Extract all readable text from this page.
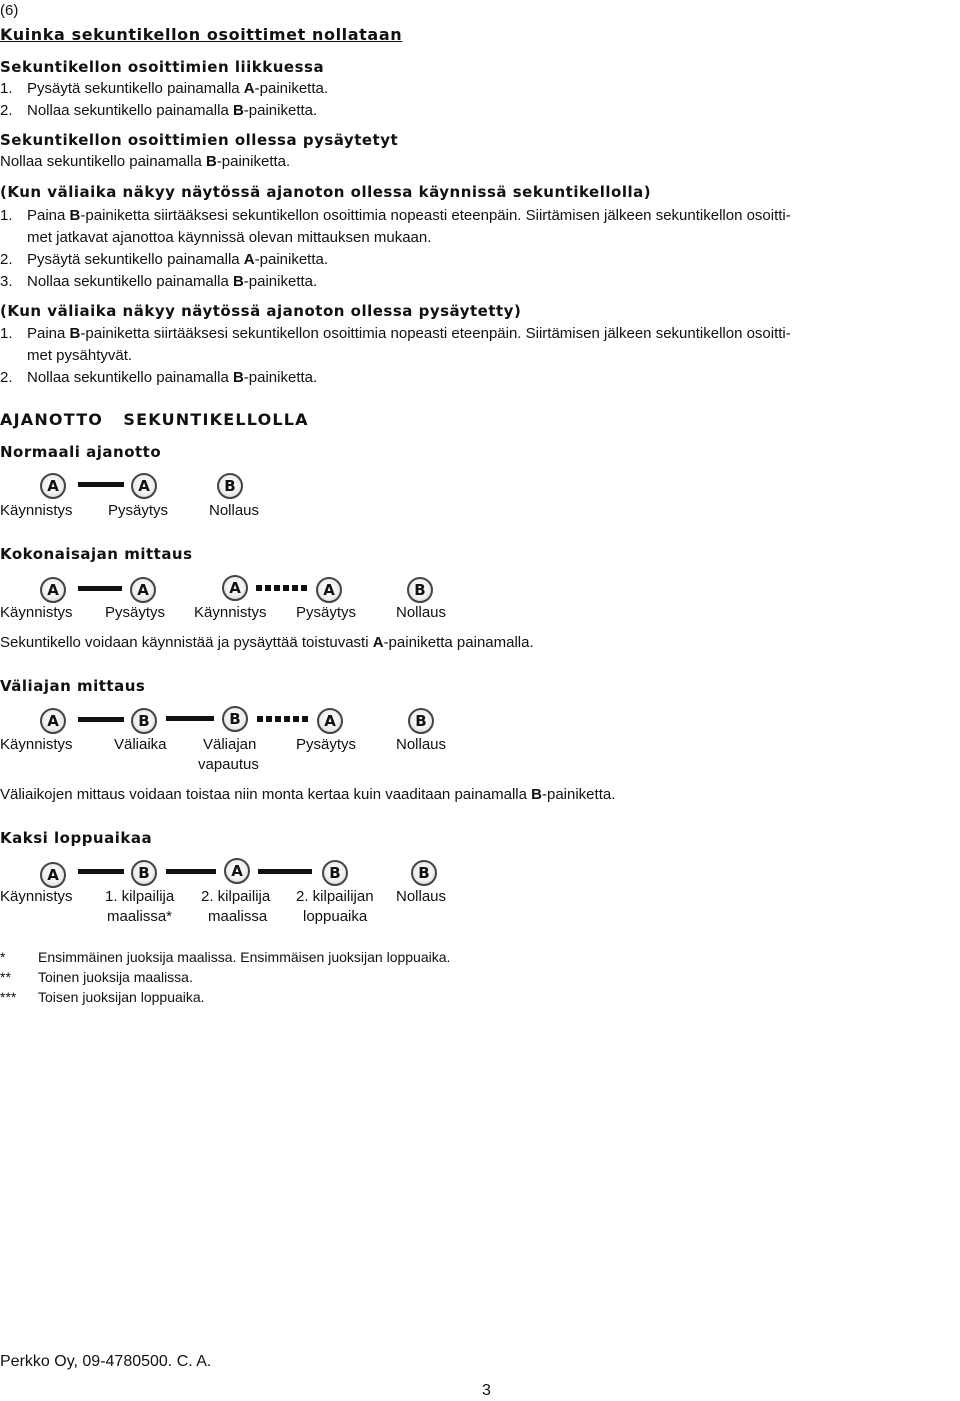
(6)
Kuinka sekuntikellon osoittimet nollataan
Sekuntikellon osoittimien liikkuessa
1. Pysäytä sekuntikello painamalla A-painiketta.
2. Nollaa sekuntikello painamalla B-painiketta.
Sekuntikellon osoittimien ollessa pysäytetyt
Nollaa sekuntikello painamalla B-painiketta.
(Kun väliaika näkyy näytössä ajanoton ollessa käynnissä sekuntikellolla)
1. Paina B-painiketta siirtääksesi sekuntikellon osoittimia nopeasti eteenpäin. Siirtämisen jälkeen sekuntikellon osoitti-
met jatkavat ajanottoa käynnissä olevan mittauksen mukaan.
2. Pysäytä sekuntikello painamalla A-painiketta.
3. Nollaa sekuntikello painamalla B-painiketta.
(Kun väliaika näkyy näytössä ajanoton ollessa pysäytetty)
1. Paina B-painiketta siirtääksesi sekuntikellon osoittimia nopeasti eteenpäin. Siirtämisen jälkeen sekuntikellon osoitti-
met pysähtyvät.
2. Nollaa sekuntikello painamalla B-painiketta.
AJANOTTO   SEKUNTIKELLOLLA
Normaali ajanotto
A	A	B
Käynnistys Pysäytys	Nollaus
Kokonaisajan mittaus
A	A	A	A	B
Käynnistys Pysäytys Käynnistys Pysäytys	Nollaus
Sekuntikello voidaan käynnistää ja pysäyttää toistuvasti A-painiketta painamalla.
Väliajan mittaus
A	B	B	A	B
Käynnistys	Väliaika Väliajan
vapautus
Pysäytys	Nollaus
Väliaikojen mittaus voidaan toistaa niin monta kertaa kuin vaaditaan painamalla B-painiketta.
Kaksi loppuaikaa
A	B	A	B	B
Käynnistys 1. kilpailija
maalissa*
2. kilpailija
maalissa
2. kilpailijan
loppuaika
Nollaus
* Ensimmäinen juoksija maalissa. Ensimmäisen juoksijan loppuaika.
** Toinen juoksija maalissa.
*** Toisen juoksijan loppuaika.
Perkko Oy, 09-4780500. C. A.
3
